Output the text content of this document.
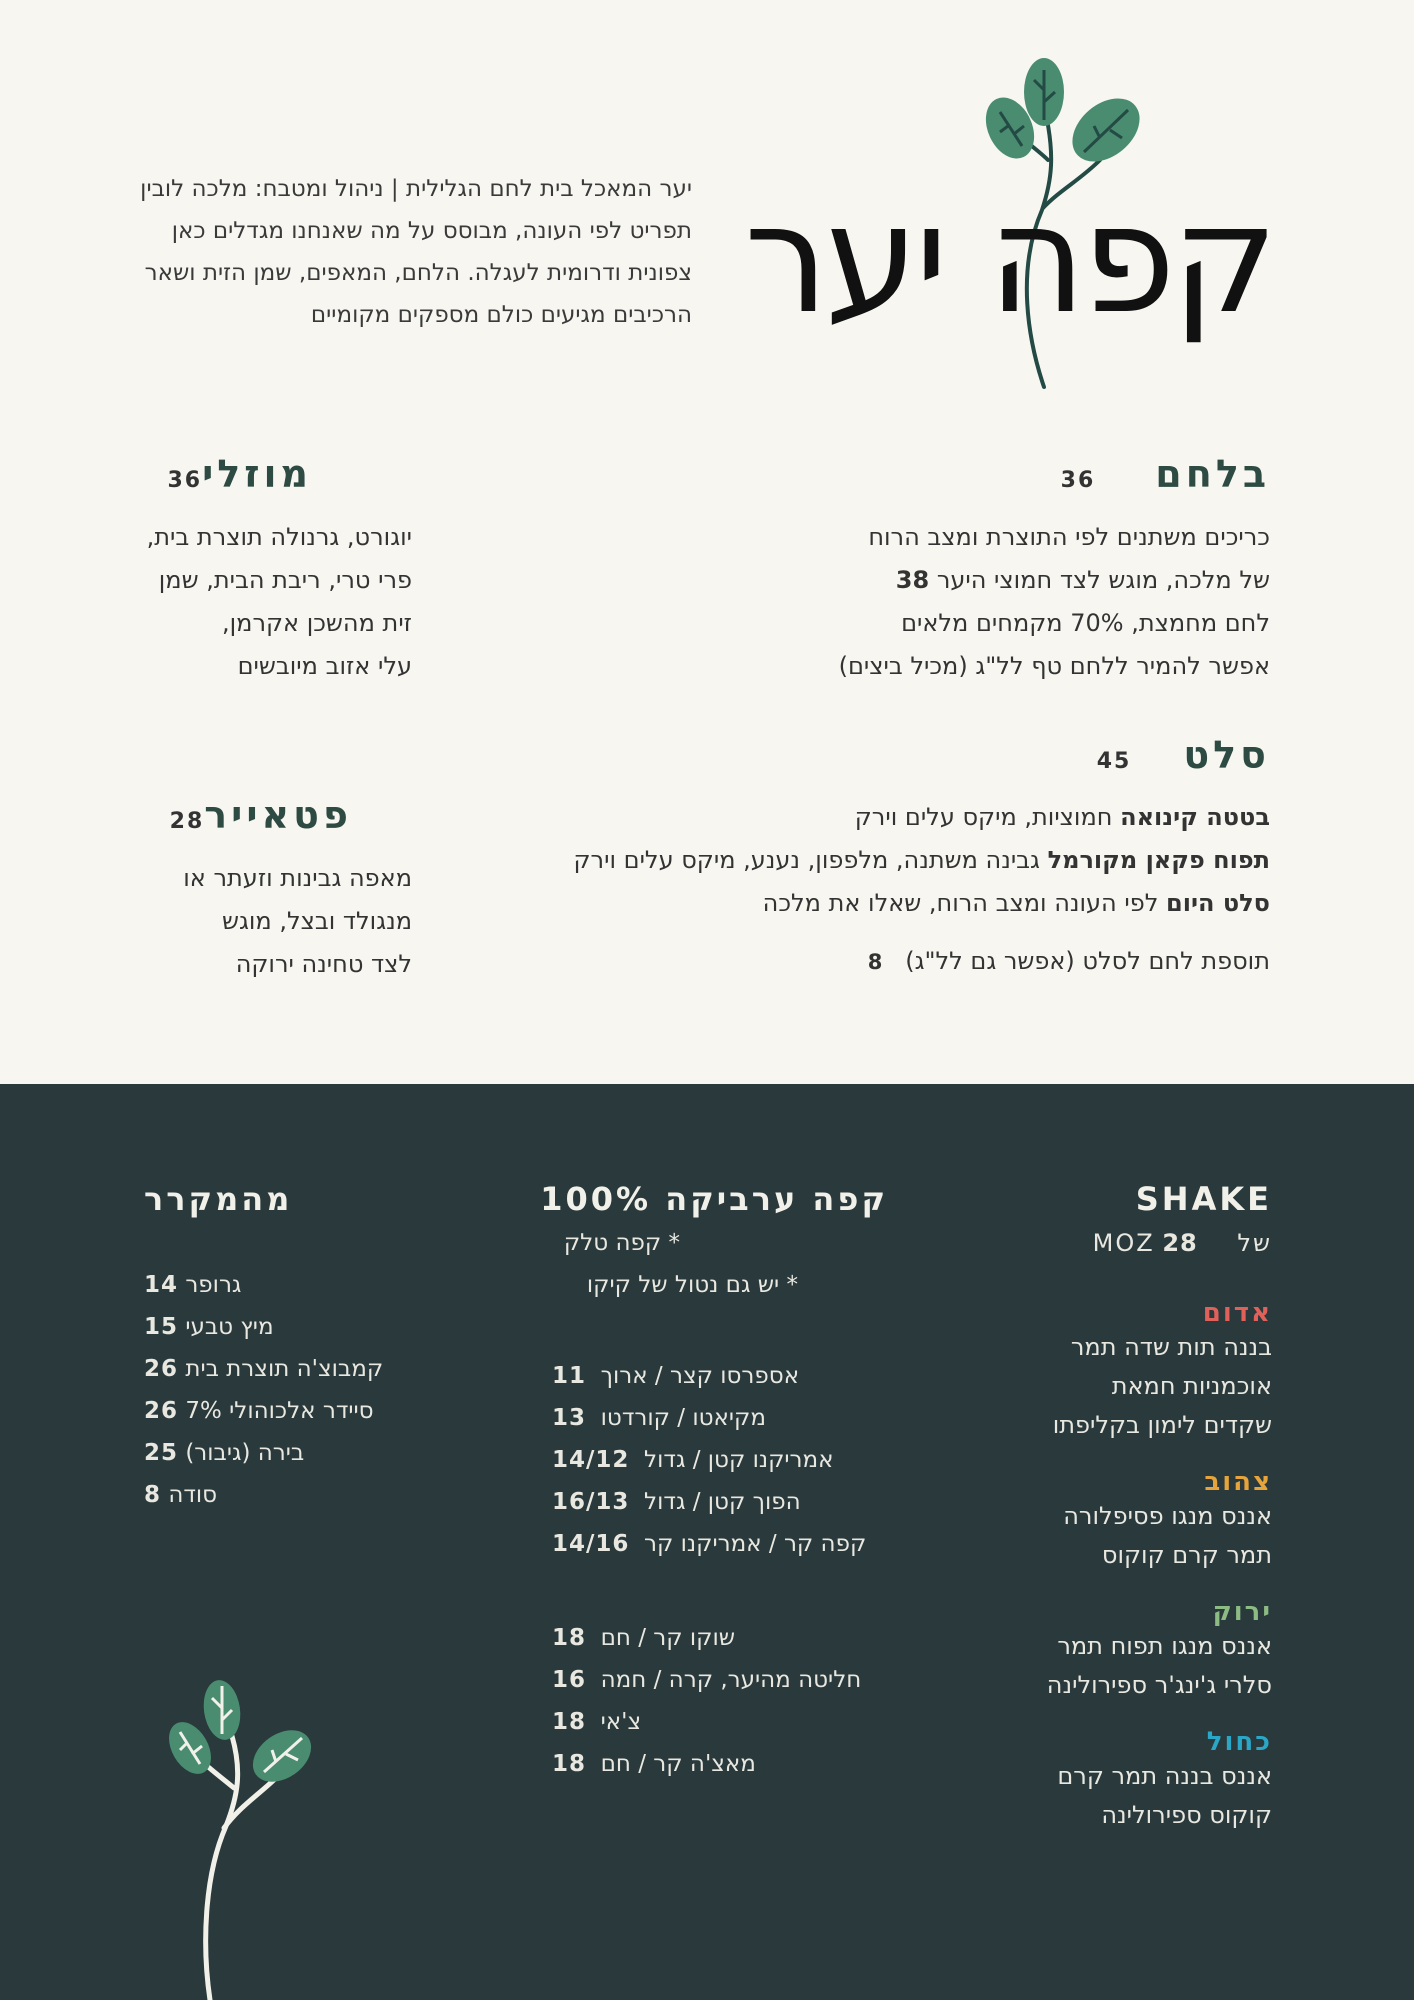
קפה יער
יער המאכל בית לחם הגלילית | ניהול ומטבח: מלכה לובין
תפריט לפי העונה, מבוסס על מה שאנחנו מגדלים כאן
צפונית ודרומית לעגלה. הלחם, המאפים, שמן הזית ושאר
הרכיבים מגיעים כולם מספקים מקומיים
בלחם
36
כריכים משתנים לפי התוצרת ומצב הרוח
של מלכה, מוגש לצד חמוצי היער 38
לחם מחמצת, 70% מקמחים מלאים
אפשר להמיר ללחם טף לל"ג (מכיל ביצים)
36 מוזלי
יוגורט, גרנולה תוצרת בית,
פרי טרי, ריבת הבית, שמן
זית מהשכן אקרמן,
עלי אזוב מיובשים
סלט
45
בטטה קינואה חמוציות, מיקס עלים וירק
תפוח פקאן מקורמל גבינה משתנה, מלפפון, נענע, מיקס עלים וירק
סלט היום לפי העונה ומצב הרוח, שאלו את מלכה
תוספת לחם לסלט (אפשר גם לל"ג)   8
28 פטאייר
מאפה גבינות וזעתר או
מנגולד ובצל, מוגש
לצד טחינה ירוקה
SHAKE
של MOZ 28
אדום
בננה תות שדה תמר
אוכמניות חמאת
שקדים לימון בקליפתו
צהוב
אננס מנגו פסיפלורה
תמר קרם קוקוס
ירוק
אננס מנגו תפוח תמר
סלרי ג'ינג'ר ספירולינה
כחול
אננס בננה תמר קרם
קוקוס ספירולינה
קפה ערביקה 100%
* קפה טלק
* יש גם נטול של קיקו
11 אספרסו קצר / ארוך
13 מקיאטו / קורדטו
14/12 אמריקנו קטן / גדול
16/13 הפוך קטן / גדול
14/16 קפה קר / אמריקנו קר
18 שוקו קר / חם
16 חליטה מהיער, קרה / חמה
18 צ'אי
18 מאצ'ה קר / חם
מהמקרר
14 גרופר
15 מיץ טבעי
26 קמבוצ'ה תוצרת בית
26 סיידר אלכוהולי 7%
25 בירה (גיבור)
8 סודה
